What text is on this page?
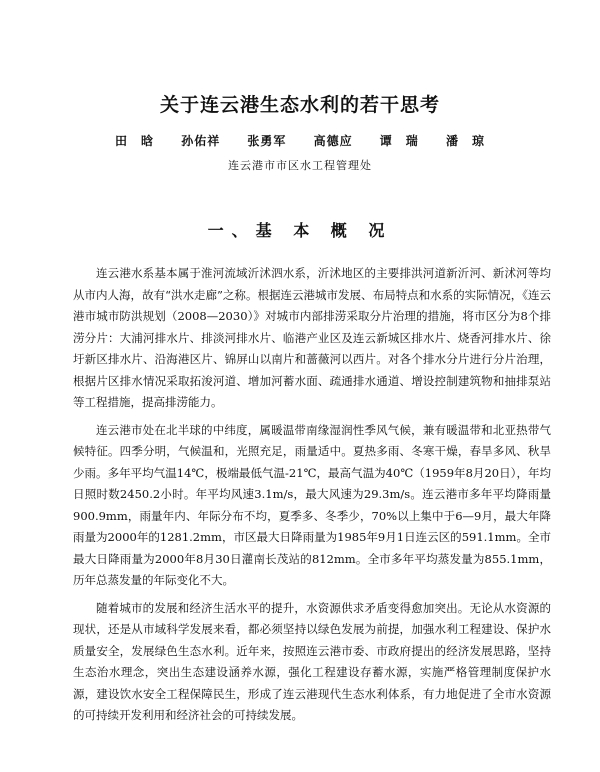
关于连云港生态水利的若干思考
田　晗 孙佑祥 张勇军 高德应 谭　瑞 潘　琼
连云港市市区水工程管理处
一、基 本 概 况

连云港水系基本属于淮河流域沂沭泗水系，沂沭地区的主要排洪河道新沂河、新沭河等均从市内人海，故有“洪水走廊”之称。根据连云港城市发展、布局特点和水系的实际情况，《连云港市城市防洪规划（2008—2030）》对城市内部排涝采取分片治理的措施，将市区分为8个排涝分片：大浦河排水片、排淡河排水片、临港产业区及连云新城区排水片、烧香河排水片、徐圩新区排水片、沿海港区片、锦屏山以南片和蔷薇河以西片。对各个排水分片进行分片治理，根据片区排水情况采取拓浚河道、增加河蓄水面、疏通排水通道、增设控制建筑物和抽排泵站等工程措施，提高排涝能力。

连云港市处在北半球的中纬度，属暖温带南缘湿润性季风气候，兼有暖温带和北亚热带气候特征。四季分明，气候温和，光照充足，雨量适中。夏热多雨、冬寒干燥，春旱多风、秋旱少雨。多年平均气温14℃，极端最低气温-21℃，最高气温为40℃（1959年8月20日），年均日照时数2450.2小时。年平均风速3.1m/s，最大风速为29.3m/s。连云港市多年平均降雨量900.9mm，雨量年内、年际分布不均，夏季多、冬季少，70%以上集中于6—9月，最大年降雨量为2000年的1281.2mm，市区最大日降雨量为1985年9月1日连云区的591.1mm。全市最大日降雨量为2000年8月30日灌南长茂站的812mm。全市多年平均蒸发量为855.1mm，历年总蒸发量的年际变化不大。

随着城市的发展和经济生活水平的提升，水资源供求矛盾变得愈加突出。无论从水资源的现状，还是从市域科学发展来看，都必须坚持以绿色发展为前提，加强水利工程建设、保护水质量安全，发展绿色生态水利。近年来，按照连云港市委、市政府提出的经济发展思路，坚持生态治水理念，突出生态建设涵养水源，强化工程建设存蓄水源，实施严格管理制度保护水源，建设饮水安全工程保障民生，形成了连云港现代生态水利体系，有力地促进了全市水资源的可持续开发利用和经济社会的可持续发展。
